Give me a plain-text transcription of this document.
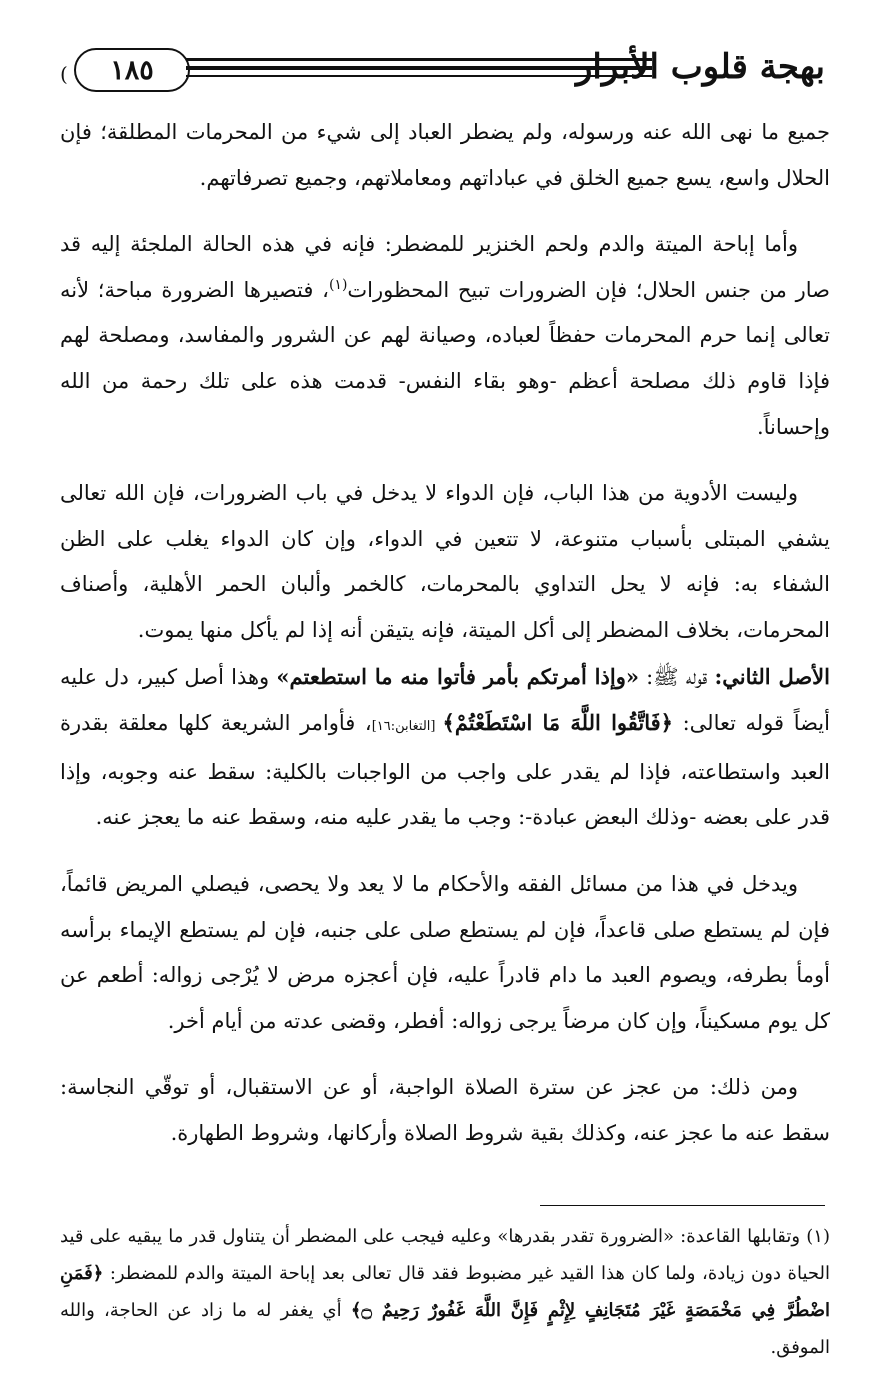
(	١٨٥	بهجة قلوب الأبرار

جميع ما نهى الله عنه ورسوله، ولم يضطر العباد إلى شيء من المحرمات المطلقة؛ فإن الحلال واسع، يسع جميع الخلق في عباداتهم ومعاملاتهم، وجميع تصرفاتهم.

وأما إباحة الميتة والدم ولحم الخنزير للمضطر: فإنه في هذه الحالة الملجئة إليه قد صار من جنس الحلال؛ فإن الضرورات تبيح المحظورات$^{(١)}$، فتصيرها الضرورة مباحة؛ لأنه تعالى إنما حرم المحرمات حفظاً لعباده، وصيانة لهم عن الشرور والمفاسد، ومصلحة لهم فإذا قاوم ذلك مصلحة أعظم -وهو بقاء النفس- قدمت هذه على تلك رحمة من الله وإحساناً.

وليست الأدوية من هذا الباب، فإن الدواء لا يدخل في باب الضرورات، فإن الله تعالى يشفي المبتلى بأسباب متنوعة، لا تتعين في الدواء، وإن كان الدواء يغلب على الظن الشفاء به: فإنه لا يحل التداوي بالمحرمات، كالخمر وألبان الحمر الأهلية، وأصناف المحرمات، بخلاف المضطر إلى أكل الميتة، فإنه يتيقن أنه إذا لم يأكل منها يموت.

الأصل الثاني: قوله ﷺ: «وإذا أمرتكم بأمر فأتوا منه ما استطعتم» وهذا أصل كبير، دل عليه أيضاً قوله تعالى: ﴿فَاتَّقُوا اللَّهَ مَا اسْتَطَعْتُمْ﴾ [التغابن:١٦]، فأوامر الشريعة كلها معلقة بقدرة العبد واستطاعته، فإذا لم يقدر على واجب من الواجبات بالكلية: سقط عنه وجوبه، وإذا قدر على بعضه -وذلك البعض عبادة-: وجب ما يقدر عليه منه، وسقط عنه ما يعجز عنه.

ويدخل في هذا من مسائل الفقه والأحكام ما لا يعد ولا يحصى، فيصلي المريض قائماً، فإن لم يستطع صلى قاعداً، فإن لم يستطع صلى على جنبه، فإن لم يستطع الإيماء برأسه أومأ بطرفه، ويصوم العبد ما دام قادراً عليه، فإن أعجزه مرض لا يُرْجى زواله: أطعم عن كل يوم مسكيناً، وإن كان مرضاً يرجى زواله: أفطر، وقضى عدته من أيام أخر.

ومن ذلك: من عجز عن سترة الصلاة الواجبة، أو عن الاستقبال، أو توقّي النجاسة: سقط عنه ما عجز عنه، وكذلك بقية شروط الصلاة وأركانها، وشروط الطهارة.

(١) وتقابلها القاعدة: «الضرورة تقدر بقدرها» وعليه فيجب على المضطر أن يتناول قدر ما يبقيه على قيد الحياة دون زيادة، ولما كان هذا القيد غير مضبوط فقد قال تعالى بعد إباحة الميتة والدم للمضطر: ﴿فَمَنِ اضْطُرَّ فِي مَخْمَصَةٍ غَيْرَ مُتَجَانِفٍ لِإِثْمٍ فَإِنَّ اللَّهَ غَفُورٌ رَحِيمٌ ۝﴾ أي يغفر له ما زاد عن الحاجة، والله الموفق.
